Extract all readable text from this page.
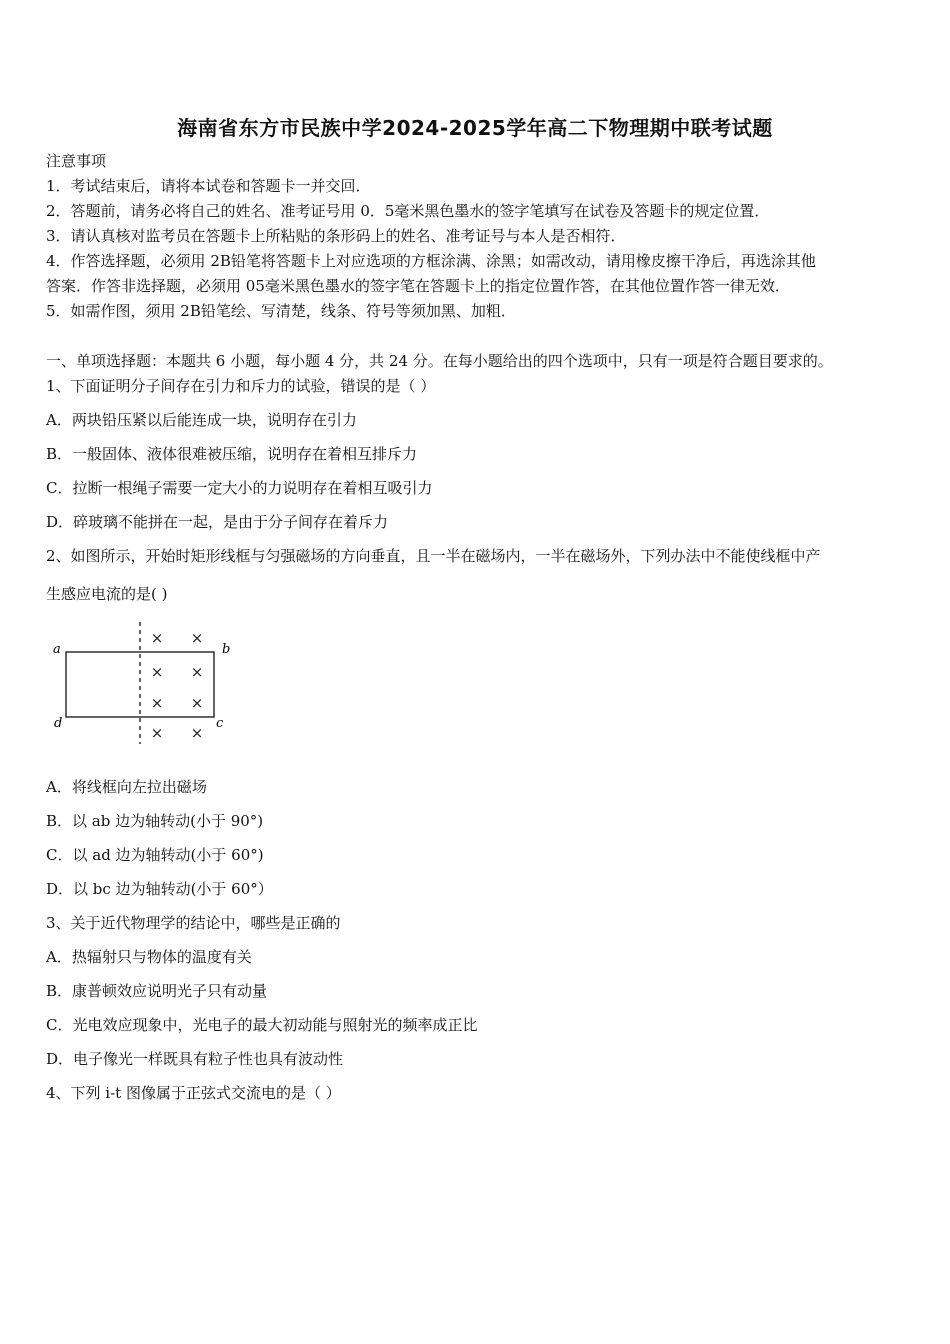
海南省东方市民族中学2024-2025学年高二下物理期中联考试题
注意事项
1．考试结束后，请将本试卷和答题卡一并交回．
2．答题前，请务必将自己的姓名、准考证号用 0．5毫米黑色墨水的签字笔填写在试卷及答题卡的规定位置．
3．请认真核对监考员在答题卡上所粘贴的条形码上的姓名、准考证号与本人是否相符．
4．作答选择题，必须用 2B铅笔将答题卡上对应选项的方框涂满、涂黑；如需改动，请用橡皮擦干净后，再选涂其他
答案．作答非选择题，必须用 05毫米黑色墨水的签字笔在答题卡上的指定位置作答，在其他位置作答一律无效．
5．如需作图，须用 2B铅笔绘、写清楚，线条、符号等须加黑、加粗．
一、单项选择题：本题共 6 小题，每小题 4 分，共 24 分。在每小题给出的四个选项中，只有一项是符合题目要求的。
1、下面证明分子间存在引力和斥力的试验，错误的是（ ）
A．两块铅压紧以后能连成一块，说明存在引力
B．一般固体、液体很难被压缩，说明存在着相互排斥力
C．拉断一根绳子需要一定大小的力说明存在着相互吸引力
D．碎玻璃不能拼在一起，是由于分子间存在着斥力
2、如图所示，开始时矩形线框与匀强磁场的方向垂直，且一半在磁场内，一半在磁场外，下列办法中不能使线框中产
生感应电流的是( )
a	b
c
d
× ×
× ×
× ×
× ×
A．将线框向左拉出磁场
B．以 ab 边为轴转动(小于 90°)
C．以 ad 边为轴转动(小于 60°)
D．以 bc 边为轴转动(小于 60°）
3、关于近代物理学的结论中，哪些是正确的
A．热辐射只与物体的温度有关
B．康普顿效应说明光子只有动量
C．光电效应现象中，光电子的最大初动能与照射光的频率成正比
D．电子像光一样既具有粒子性也具有波动性
4、下列 i-t 图像属于正弦式交流电的是（ ）
